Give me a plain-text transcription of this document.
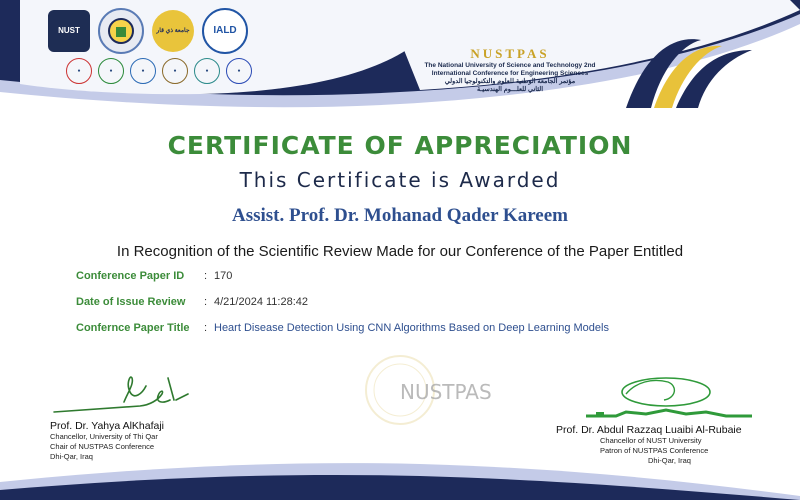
NUST	جامعة ذي قار IALD
●	●	●	●	●	●
NUSTPAS
The National University of Science and Technology 2nd
International Conference for Engineering Sciences
مؤتمر الجامعة الوطنية للعلوم والتكنولوجيا الدولي
الثاني للعلـــوم الهندسيـة
CERTIFICATE OF APPRECIATION
This Certificate is Awarded
Assist. Prof. Dr. Mohanad Qader Kareem
In Recognition of the Scientific Review Made for our Conference of the Paper Entitled
Conference Paper ID : 170
Date of Issue Review : 4/21/2024 11:28:42
Confernce Paper Title : Heart Disease Detection Using CNN Algorithms Based on Deep Learning Models
NUSTPAS
Prof. Dr. Yahya AlKhafaji
Chancellor, University of Thi Qar
Chair of NUSTPAS Conference
Dhi-Qar, Iraq
Prof. Dr. Abdul Razzaq Luaibi Al-Rubaie
Chancellor of NUST University
Patron of NUSTPAS Conference
Dhi-Qar, Iraq
